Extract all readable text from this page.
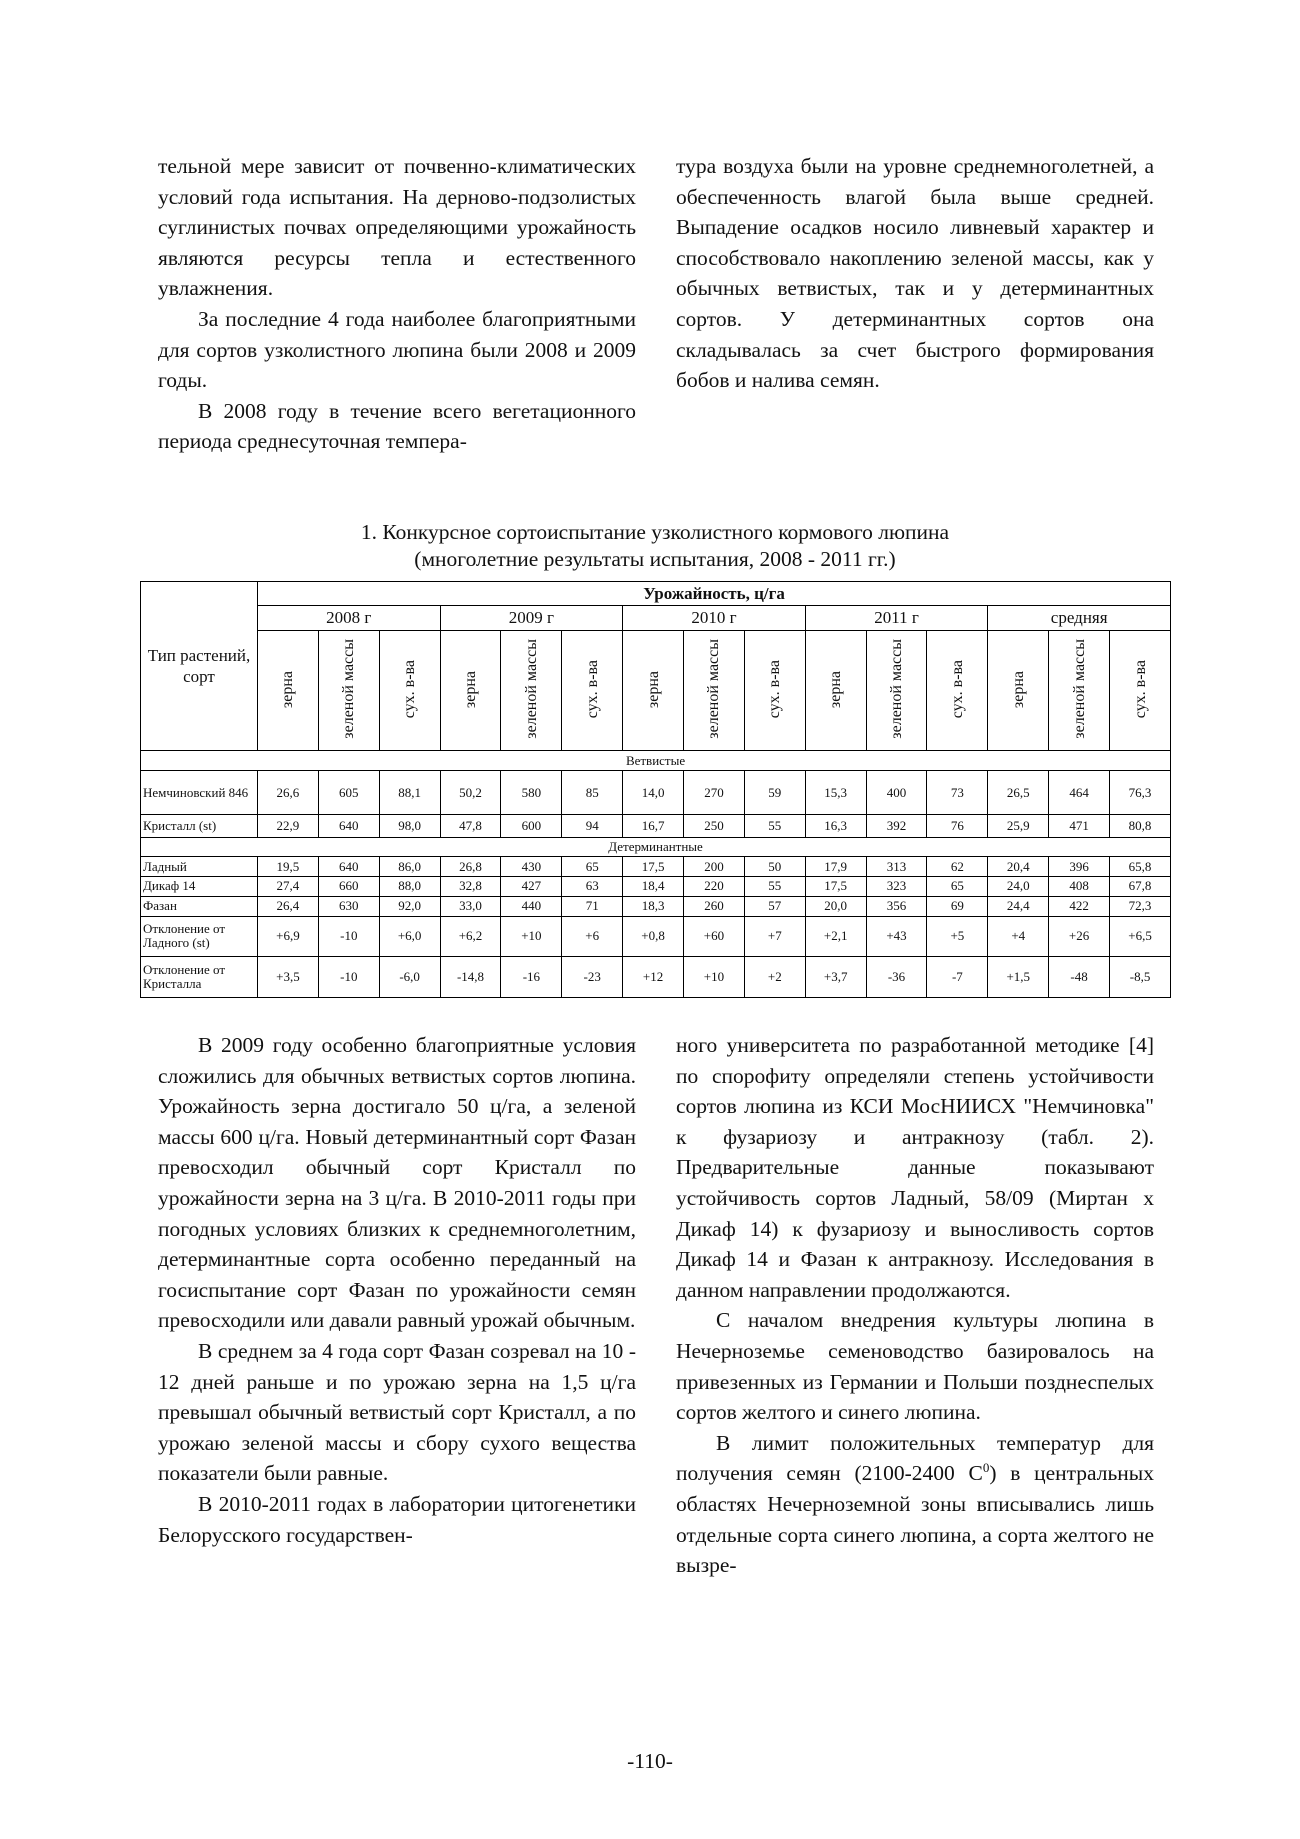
тельной мере зависит от почвенно-климатических условий года испытания. На дерново-подзолистых суглинистых почвах определяющими урожайность являются ресурсы тепла и естественного увлажнения.

За последние 4 года наиболее благоприятными для сортов узколистного люпина были 2008 и 2009 годы.

В 2008 году в течение всего вегетационного периода среднесуточная темпера-

тура воздуха были на уровне среднемноголетней, а обеспеченность влагой была выше средней. Выпадение осадков носило ливневый характер и способствовало накоплению зеленой массы, как у обычных ветвистых, так и у детерминантных сортов. У детерминантных сортов она складывалась за счет быстрого формирования бобов и налива семян.

1. Конкурсное сортоиспытание узколистного кормового люпина
(многолетние результаты испытания, 2008 - 2011 гг.)
Тип растений, сорт	Урожайность, ц/га														
	2008 г			2009 г			2010 г			2011 г			средняя		
	зерна	зеленой массы	сух. в-ва	зерна	зеленой массы	сух. в-ва	зерна	зеленой массы	сух. в-ва	зерна	зеленой массы	сух. в-ва	зерна	зеленой массы	сух. в-ва
Ветвистые															
Немчиновский 846	26,6	605	88,1	50,2	580	85	14,0	270	59	15,3	400	73	26,5	464	76,3
Кристалл (st)	22,9	640	98,0	47,8	600	94	16,7	250	55	16,3	392	76	25,9	471	80,8
Детерминантные															
Ладный	19,5	640	86,0	26,8	430	65	17,5	200	50	17,9	313	62	20,4	396	65,8
Дикаф 14	27,4	660	88,0	32,8	427	63	18,4	220	55	17,5	323	65	24,0	408	67,8
Фазан	26,4	630	92,0	33,0	440	71	18,3	260	57	20,0	356	69	24,4	422	72,3
Отклонение от Ладного (st)	+6,9	-10	+6,0	+6,2	+10	+6	+0,8	+60	+7	+2,1	+43	+5	+4	+26	+6,5
Отклонение от Кристалла	+3,5	-10	-6,0	-14,8	-16	-23	+12	+10	+2	+3,7	-36	-7	+1,5	-48	-8,5

В 2009 году особенно благоприятные условия сложились для обычных ветвистых сортов люпина. Урожайность зерна достигало 50 ц/га, а зеленой массы 600 ц/га. Новый детерминантный сорт Фазан превосходил обычный сорт Кристалл по урожайности зерна на 3 ц/га. В 2010-2011 годы при погодных условиях близких к среднемноголетним, детерминантные сорта особенно переданный на госиспытание сорт Фазан по урожайности семян превосходили или давали равный урожай обычным.

В среднем за 4 года сорт Фазан созревал на 10 - 12 дней раньше и по урожаю зерна на 1,5 ц/га превышал обычный ветвистый сорт Кристалл, а по урожаю зеленой массы и сбору сухого вещества показатели были равные.

В 2010-2011 годах в лаборатории цитогенетики Белорусского государствен-

ного университета по разработанной методике [4] по спорофиту определяли степень устойчивости сортов люпина из КСИ МосНИИСХ "Немчиновка" к фузариозу и антракнозу (табл. 2). Предварительные данные показывают устойчивость сортов Ладный, 58/09 (Миртан х Дикаф 14) к фузариозу и выносливость сортов Дикаф 14 и Фазан к антракнозу. Исследования в данном направлении продолжаются.

С началом внедрения культуры люпина в Нечерноземье семеноводство базировалось на привезенных из Германии и Польши позднеспелых сортов желтого и синего люпина.

В лимит положительных температур для получения семян (2100-2400 $С^0$) в центральных областях Нечерноземной зоны вписывались лишь отдельные сорта синего люпина, а сорта желтого не вызре-

-110-
